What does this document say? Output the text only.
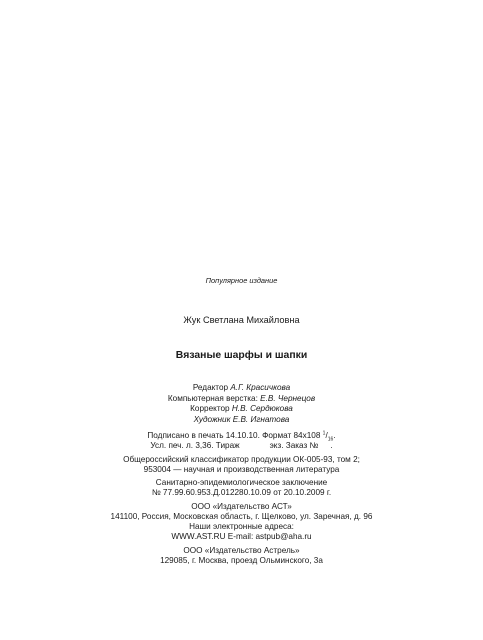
Популярное издание
Жук Светлана Михайловна
Вязаные шарфы и шапки
Редактор А.Г. Красичкова
Компьютерная верстка: Е.В. Чернецов
Корректор Н.В. Сердюкова
Художник Е.В. Игнатова
Подписано в печать 14.10.10. Формат 84x108 $^1/_{16}$.
Усл. печ. л. 3,36. Тираж	экз. Заказ № .
Общероссийский классификатор продукции ОК-005-93, том 2;
953004 — научная и производственная литература
Санитарно-эпидемиологическое заключение
№ 77.99.60.953.Д.012280.10.09 от 20.10.2009 г.
ООО «Издательство АСТ»
141100, Россия, Московская область, г. Щелково, ул. Заречная, д. 96
Наши электронные адреса:
WWW.AST.RU E-mail: astpub@aha.ru
ООО «Издательство Астрель»
129085, г. Москва, проезд Ольминского, 3а
